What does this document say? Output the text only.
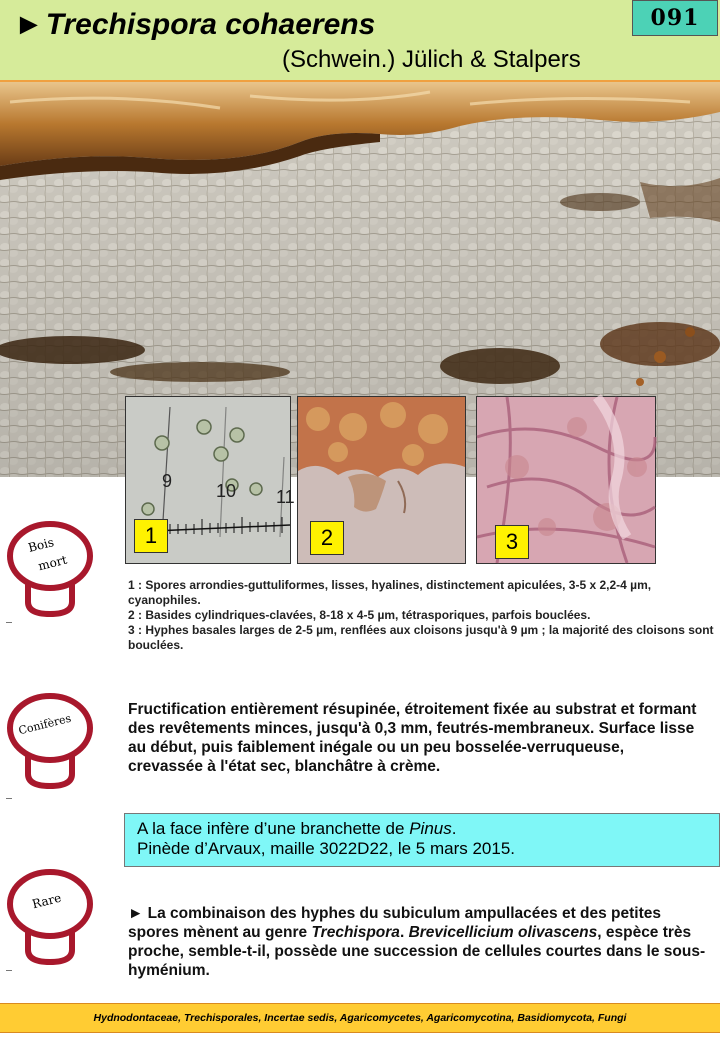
►Trechispora cohaerens
(Schwein.) Jülich & Stalpers
091
9 10 11
1	2	3
Bois
mort
Conifères
Rare

1 : Spores arrondies-guttuliformes, lisses, hyalines, distinctement apiculées, 3-5 x 2,2-4 µm, cyanophiles.

2 : Basides cylindriques-clavées, 8-18 x 4-5 µm, tétrasporiques, parfois bouclées.

3 : Hyphes basales larges de 2-5 µm, renflées aux cloisons jusqu'à 9 µm ; la majorité des cloisons sont bouclées.

Fructification entièrement résupinée, étroitement fixée au substrat et formant des revêtements minces, jusqu'à 0,3 mm, feutrés-membraneux. Surface lisse au début, puis faiblement inégale ou un peu bosselée-verruqueuse, crevassée à l'état sec, blanchâtre à crème.
A la face infère d’une branchette de Pinus.
Pinède d’Arvaux, maille 3022D22, le 5 mars 2015.
► La combinaison des hyphes du subiculum ampullacées et des petites spores mènent au genre Trechispora. Brevicellicium olivascens, espèce très proche, semble-t-il, possède une succession de cellules courtes dans le sous-hyménium.
Hydnodontaceae, Trechisporales, Incertae sedis, Agaricomycetes, Agaricomycotina, Basidiomycota, Fungi
